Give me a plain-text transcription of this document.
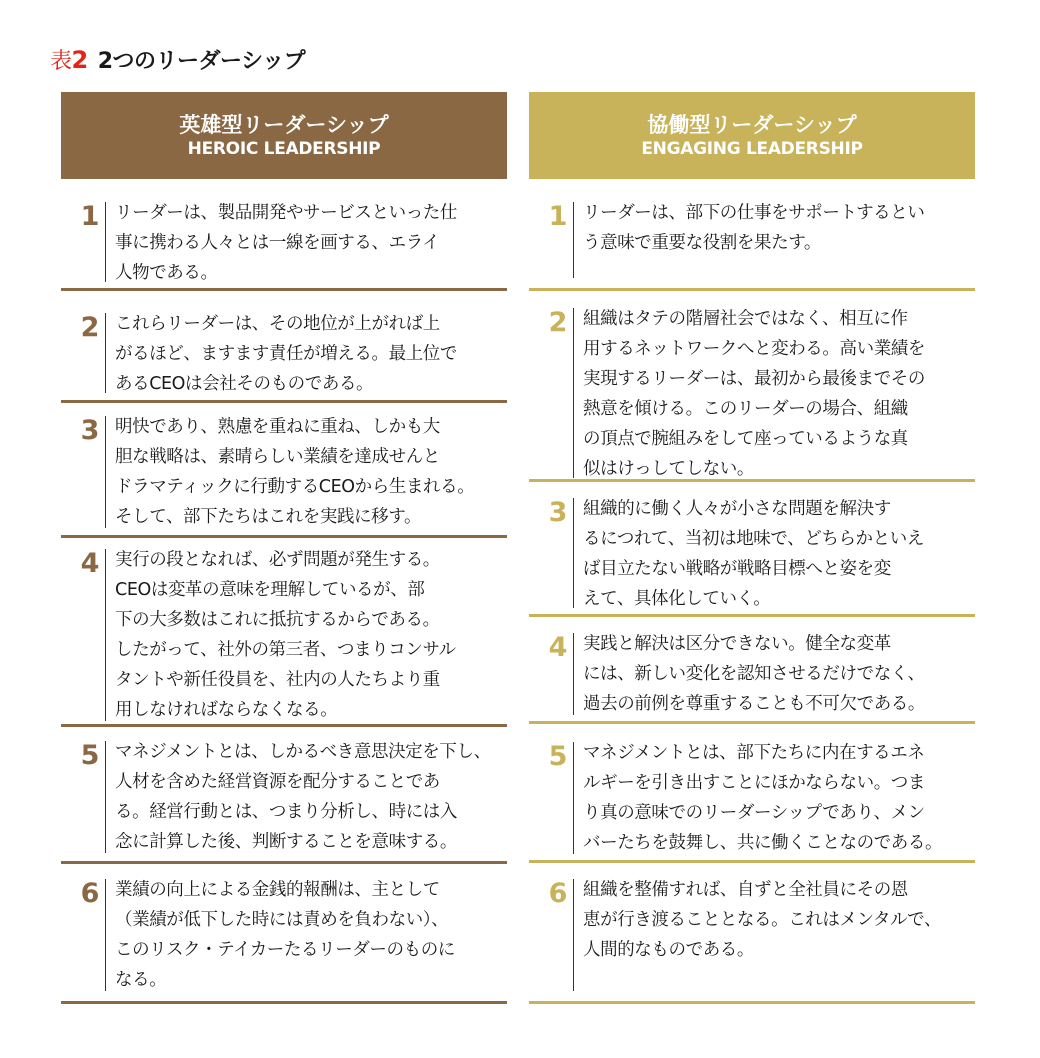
表 2 2つのリーダーシップ
英雄型リーダーシップ
HEROIC LEADERSHIP
1 リーダーは、製品開発やサービスといった仕
事に携わる人々とは一線を画する、エライ
人物である。
2 これらリーダーは、その地位が上がれば上
がるほど、ますます責任が増える。最上位で
あるCEOは会社そのものである。
3 明快であり、熟慮を重ねに重ね、しかも大
胆な戦略は、素晴らしい業績を達成せんと
ドラマティックに行動するCEOから生まれる。
そして、部下たちはこれを実践に移す。
4 実行の段となれば、必ず問題が発生する。
CEOは変革の意味を理解しているが、部
下の大多数はこれに抵抗するからである。
したがって、社外の第三者、つまりコンサル
タントや新任役員を、社内の人たちより重
用しなければならなくなる。
5 マネジメントとは、しかるべき意思決定を下し、
人材を含めた経営資源を配分することであ
る。経営行動とは、つまり分析し、時には入
念に計算した後、判断することを意味する。
6 業績の向上による金銭的報酬は、主として
（業績が低下した時には責めを負わない）、
このリスク・テイカーたるリーダーのものに
なる。
協働型リーダーシップ
ENGAGING LEADERSHIP
1 リーダーは、部下の仕事をサポートするとい
う意味で重要な役割を果たす。
2 組織はタテの階層社会ではなく、相互に作
用するネットワークへと変わる。高い業績を
実現するリーダーは、最初から最後までその
熱意を傾ける。このリーダーの場合、組織
の頂点で腕組みをして座っているような真
似はけっしてしない。
3 組織的に働く人々が小さな問題を解決す
るにつれて、当初は地味で、どちらかといえ
ば目立たない戦略が戦略目標へと姿を変
えて、具体化していく。
4 実践と解決は区分できない。健全な変革
には、新しい変化を認知させるだけでなく、
過去の前例を尊重することも不可欠である。
5 マネジメントとは、部下たちに内在するエネ
ルギーを引き出すことにほかならない。つま
り真の意味でのリーダーシップであり、メン
バーたちを鼓舞し、共に働くことなのである。
6 組織を整備すれば、自ずと全社員にその恩
恵が行き渡ることとなる。これはメンタルで、
人間的なものである。
